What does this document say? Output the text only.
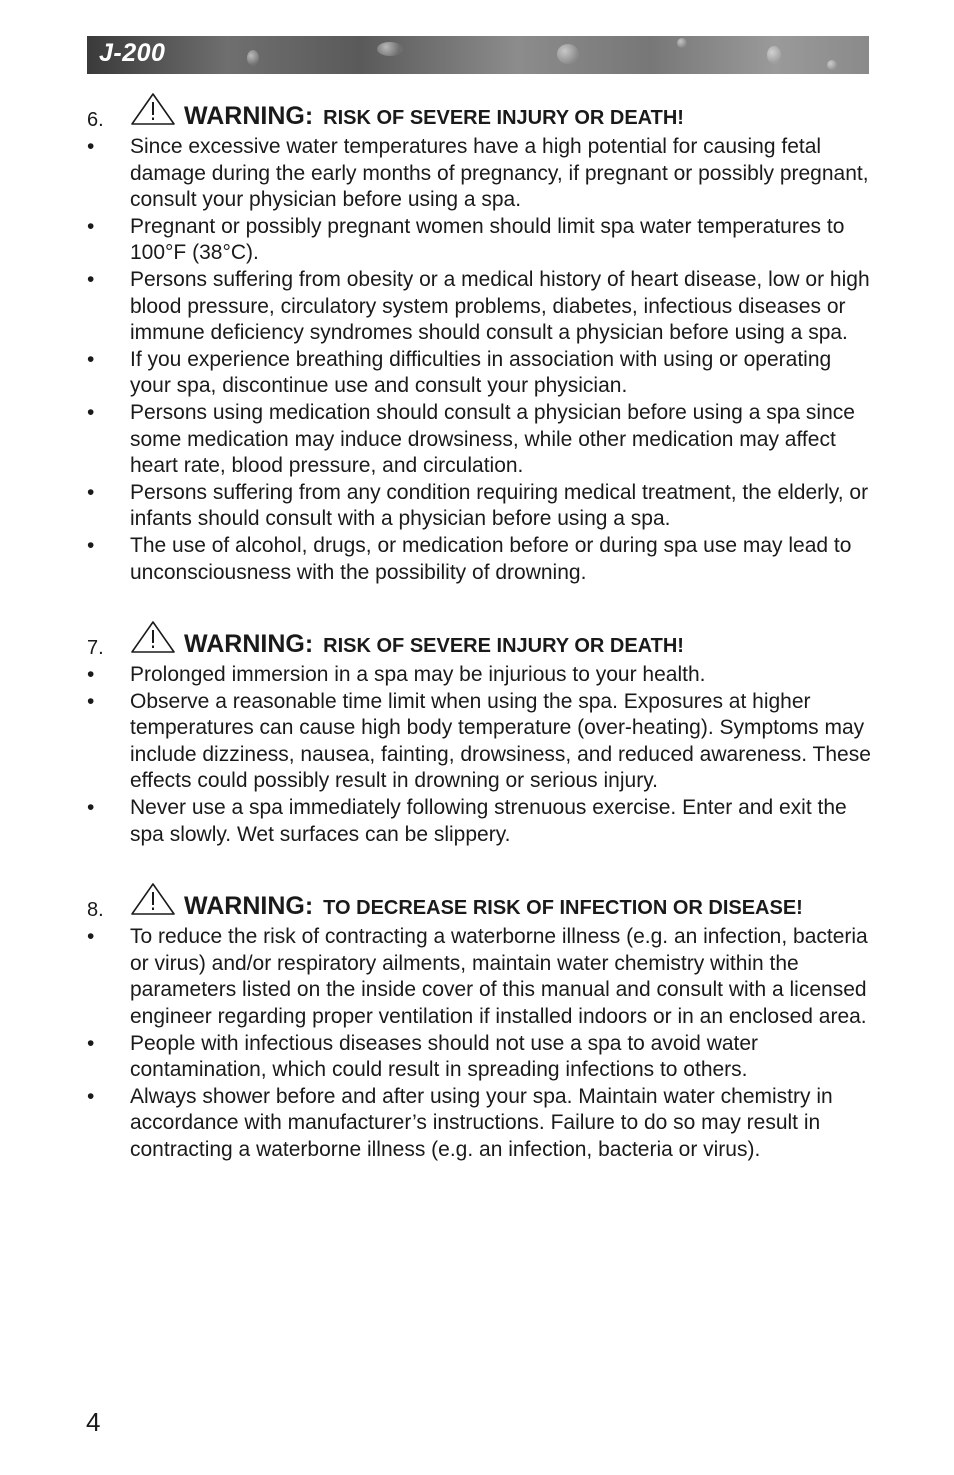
J-200
6.	WARNING: RISK OF SEVERE INJURY OR DEATH!
• Since excessive water temperatures have a high potential for causing fetal damage during the early months of pregnancy, if pregnant or possibly pregnant, consult your physician before using a spa.
• Pregnant or possibly pregnant women should limit spa water temperatures to 100°F (38°C).
• Persons suffering from obesity or a medical history of heart disease, low or high blood pressure, circulatory system problems, diabetes, infectious diseases or immune deficiency syndromes should consult a physician before using a spa.
• If you experience breathing difficulties in association with using or operating your spa, discontinue use and consult your physician.
• Persons using medication should consult a physician before using a spa since some medication may induce drowsiness, while other medication may affect heart rate, blood pressure, and circulation.
• Persons suffering from any condition requiring medical treatment, the elderly, or infants should consult with a physician before using a spa.
• The use of alcohol, drugs, or medication before or during spa use may lead to unconsciousness with the possibility of drowning.
7.	WARNING: RISK OF SEVERE INJURY OR DEATH!
• Prolonged immersion in a spa may be injurious to your health.
• Observe a reasonable time limit when using the spa. Exposures at higher temperatures can cause high body temperature (over-heating). Symptoms may include dizziness, nausea, fainting, drowsiness, and reduced awareness. These effects could possibly result in drowning or serious injury.
• Never use a spa immediately following strenuous exercise. Enter and exit the spa slowly. Wet surfaces can be slippery.
8.	WARNING: TO DECREASE RISK OF INFECTION OR DISEASE!
• To reduce the risk of contracting a waterborne illness (e.g. an infection, bacteria or virus) and/or respiratory ailments, maintain water chemistry within the parameters listed on the inside cover of this manual and consult with a licensed engineer regarding proper ventilation if installed indoors or in an enclosed area.
• People with infectious diseases should not use a spa to avoid water contamination, which could result in spreading infections to others.
• Always shower before and after using your spa. Maintain water chemistry in accordance with manufacturer’s instructions. Failure to do so may result in contracting a waterborne illness (e.g. an infection, bacteria or virus).
4
